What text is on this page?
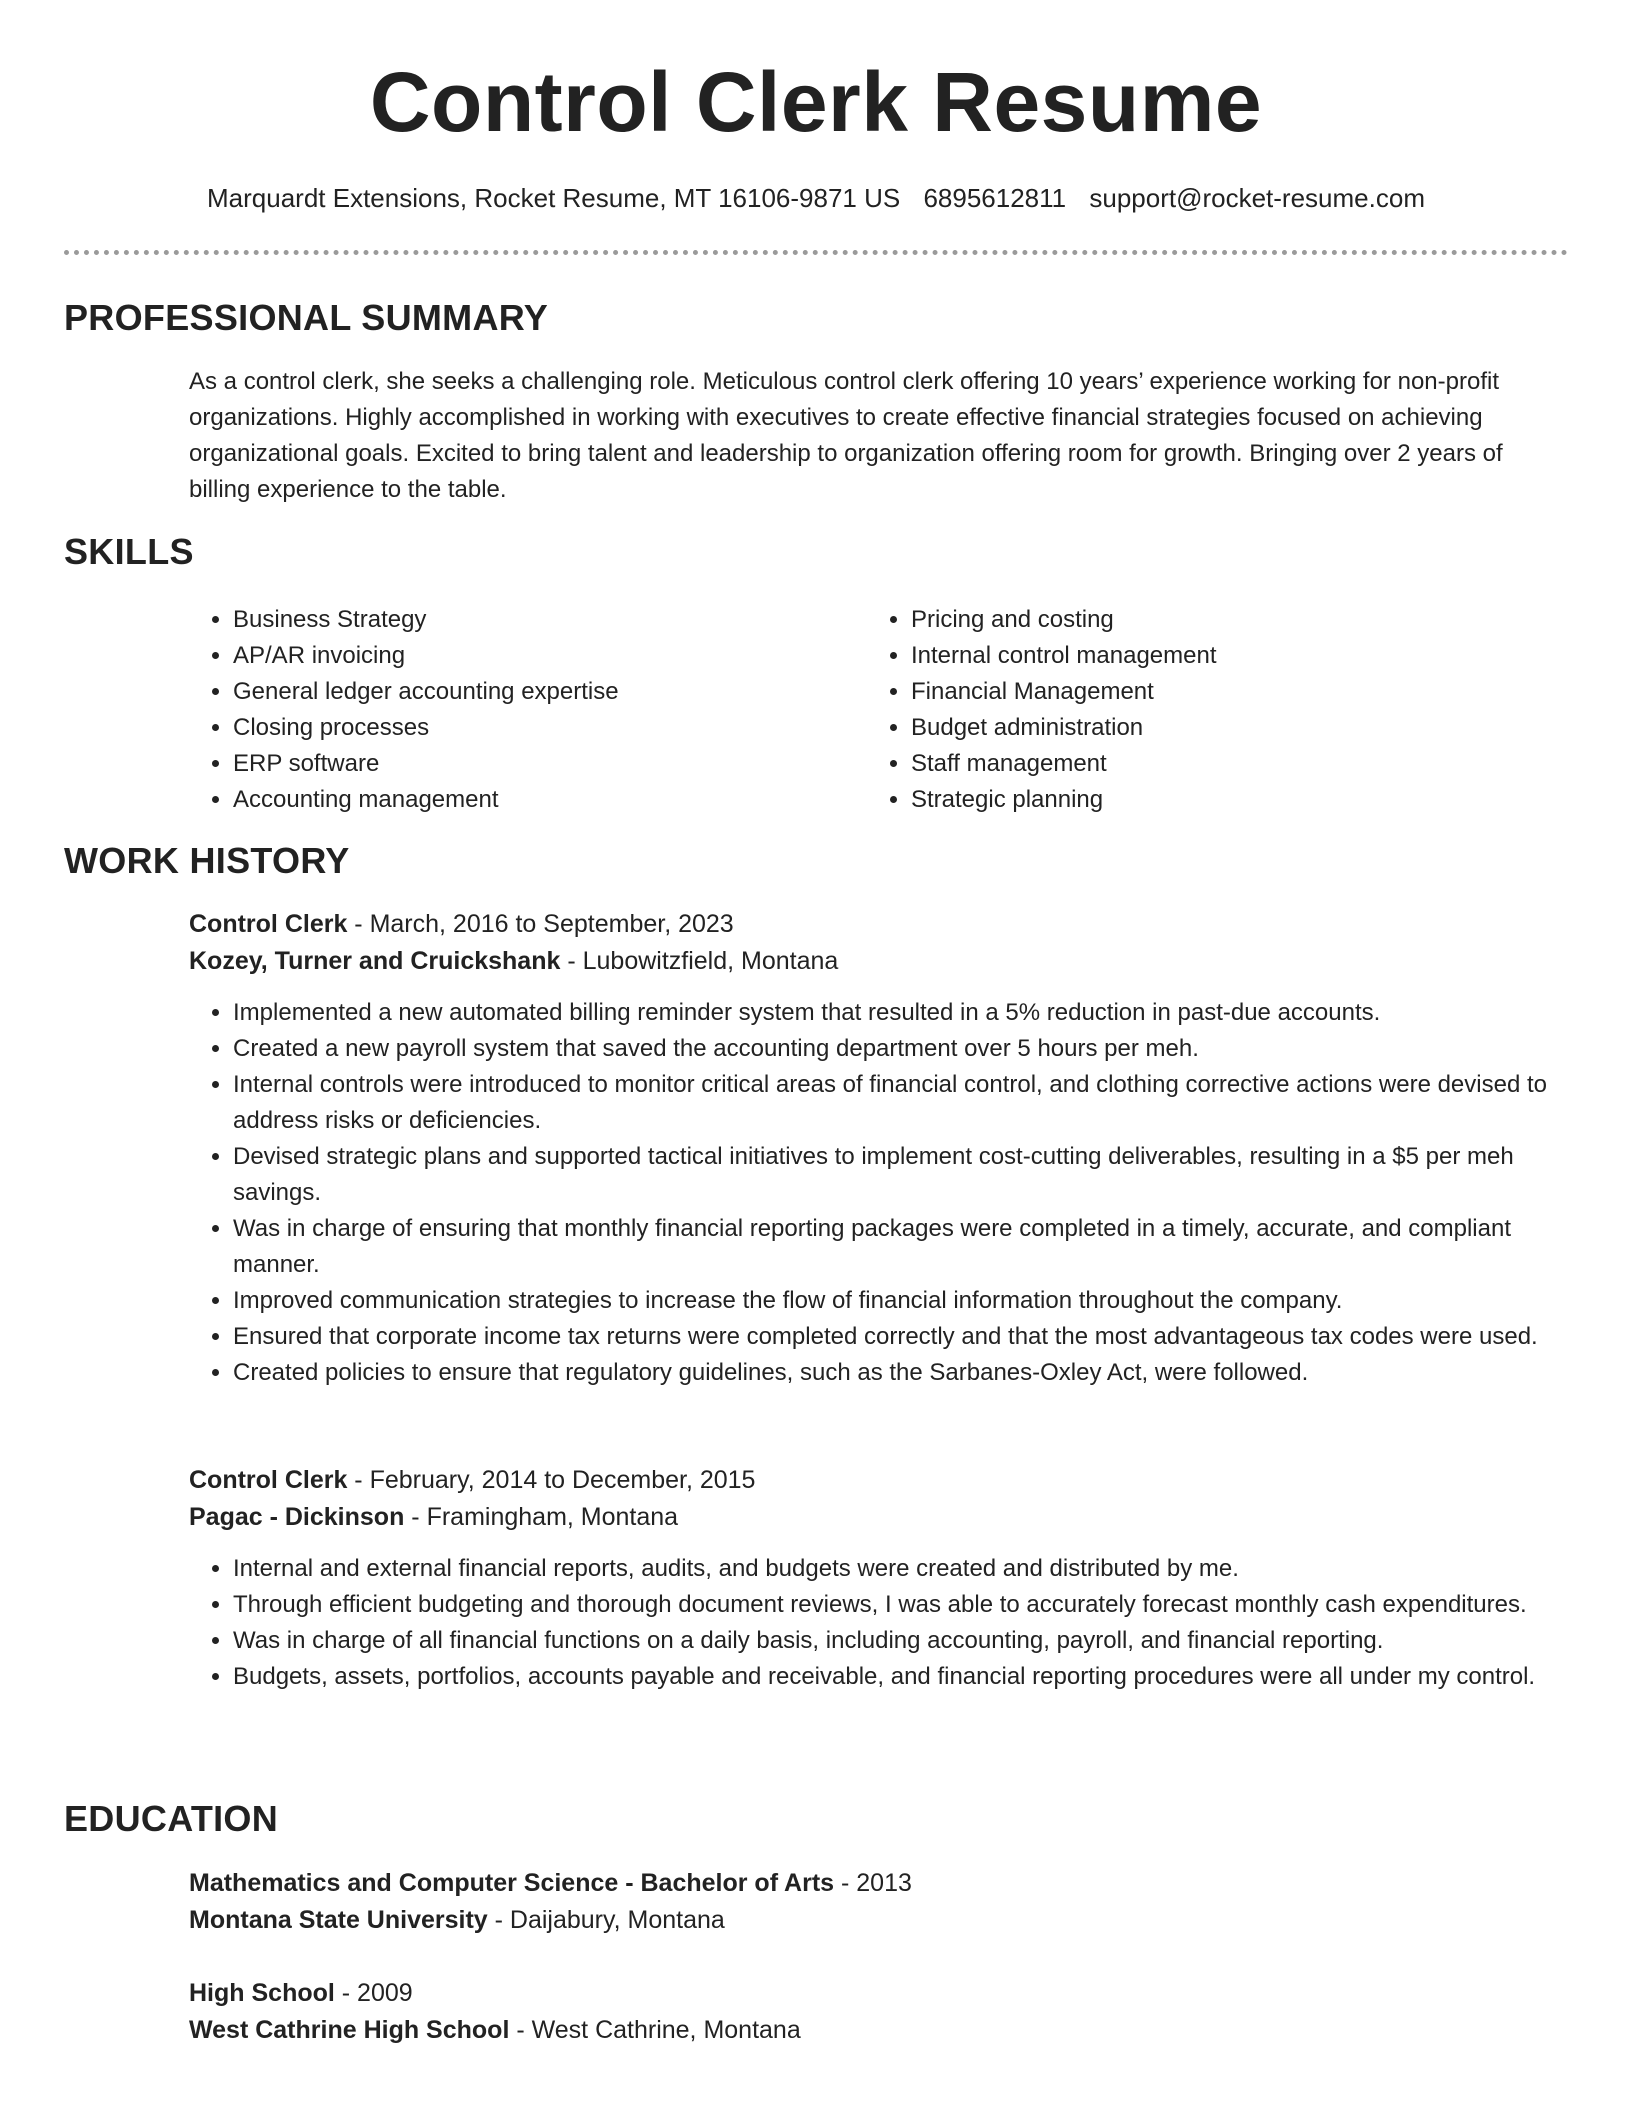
Control Clerk Resume
Marquardt Extensions, Rocket Resume, MT 16106-9871 US 6895612811 support@rocket-resume.com
PROFESSIONAL SUMMARY

As a control clerk, she seeks a challenging role. Meticulous control clerk offering 10 years’ experience working for non-profit organizations. Highly accomplished in working with executives to create effective financial strategies focused on achieving organizational goals. Excited to bring talent and leadership to organization offering room for growth. Bringing over 2 years of billing experience to the table.

SKILLS
• Business Strategy
• AP/AR invoicing
• General ledger accounting expertise
• Closing processes
• ERP software
• Accounting management
• Pricing and costing
• Internal control management
• Financial Management
• Budget administration
• Staff management
• Strategic planning
WORK HISTORY
Control Clerk - March, 2016 to September, 2023
Kozey, Turner and Cruickshank - Lubowitzfield, Montana
• Implemented a new automated billing reminder system that resulted in a 5% reduction in past-due accounts.
• Created a new payroll system that saved the accounting department over 5 hours per meh.
• Internal controls were introduced to monitor critical areas of financial control, and clothing corrective actions were devised to address risks or deficiencies.
• Devised strategic plans and supported tactical initiatives to implement cost-cutting deliverables, resulting in a $5 per meh savings.
• Was in charge of ensuring that monthly financial reporting packages were completed in a timely, accurate, and compliant manner.
• Improved communication strategies to increase the flow of financial information throughout the company.
• Ensured that corporate income tax returns were completed correctly and that the most advantageous tax codes were used.
• Created policies to ensure that regulatory guidelines, such as the Sarbanes-Oxley Act, were followed.
Control Clerk - February, 2014 to December, 2015
Pagac - Dickinson - Framingham, Montana
• Internal and external financial reports, audits, and budgets were created and distributed by me.
• Through efficient budgeting and thorough document reviews, I was able to accurately forecast monthly cash expenditures.
• Was in charge of all financial functions on a daily basis, including accounting, payroll, and financial reporting.
• Budgets, assets, portfolios, accounts payable and receivable, and financial reporting procedures were all under my control.
EDUCATION
Mathematics and Computer Science - Bachelor of Arts - 2013
Montana State University - Daijabury, Montana
High School - 2009
West Cathrine High School - West Cathrine, Montana
